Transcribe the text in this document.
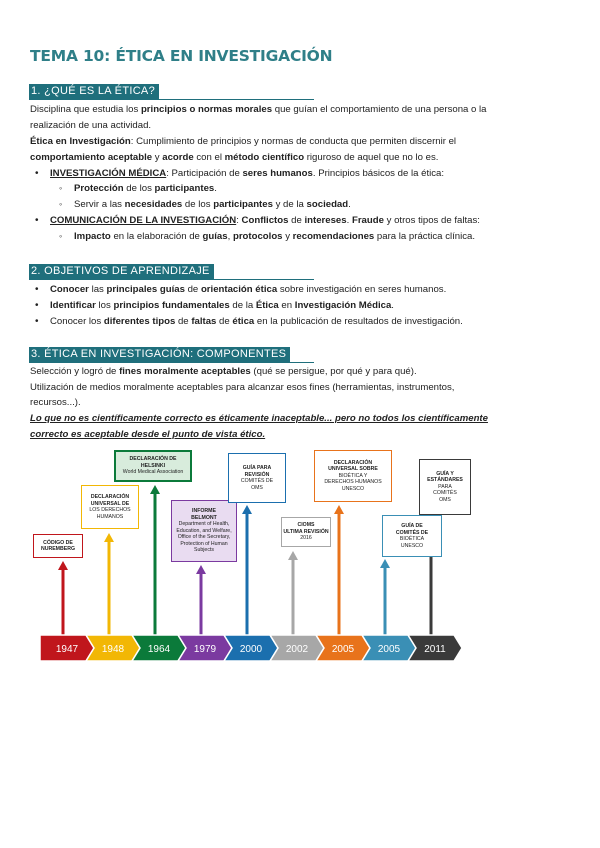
TEMA 10: ÉTICA EN INVESTIGACIÓN
1. ¿QUÉ ES LA ÉTICA?
Disciplina que estudia los principios o normas morales que guían el comportamiento de una persona o la
realización de una actividad.
Ética en Investigación: Cumplimiento de principios y normas de conducta que permiten discernir el
comportamiento aceptable y acorde con el método científico riguroso de aquel que no lo es.
• INVESTIGACIÓN MÉDICA: Participación de seres humanos. Principios básicos de la ética:
◦ Protección de los participantes.
◦ Servir a las necesidades de los participantes y de la sociedad.
• COMUNICACIÓN DE LA INVESTIGACIÓN: Conflictos de intereses. Fraude y otros tipos de faltas:
◦ Impacto en la elaboración de guías, protocolos y recomendaciones para la práctica clínica.
2. OBJETIVOS DE APRENDIZAJE
• Conocer las principales guías de orientación ética sobre investigación en seres humanos.
• Identificar los principios fundamentales de la Ética en Investigación Médica.
• Conocer los diferentes tipos de faltas de ética en la publicación de resultados de investigación.
3. ÉTICA EN INVESTIGACIÓN: COMPONENTES
Selección y logró de fines moralmente aceptables (qué se persigue, por qué y para qué).
Utilización de medios moralmente aceptables para alcanzar esos fines (herramientas, instrumentos,
recursos...).
Lo que no es científicamente correcto es éticamente inaceptable... pero no todos los científicamente
correcto es aceptable desde el punto de vista ético.
1947 1948 1964 1979 2000 2002 2005 2005 2011
CÓDIGO DE
NUREMBERG
DECLARACIÓN
UNIVERSAL DE
LOS DERECHOS
HUMANOS
DECLARACIÓN DE
HELSINKI
World Medical Association
INFORME
BELMONT
Department of Health,
Education, and Welfare,
Office of the Secretary,
Protection of Human
Subjects
GUÍA PARA
REVISIÓN
COMITÉS DE
OMS
CIOMS
ULTIMA REVISIÓN
2016
DECLARACIÓN
UNIVERSAL SOBRE
BIOÉTICA Y
DERECHOS HUMANOS
UNESCO
GUÍA DE
COMITÉS DE
BIOÉTICA
UNESCO
GUÍA Y
ESTÁNDARES
PARA
COMITÉS
OMS
